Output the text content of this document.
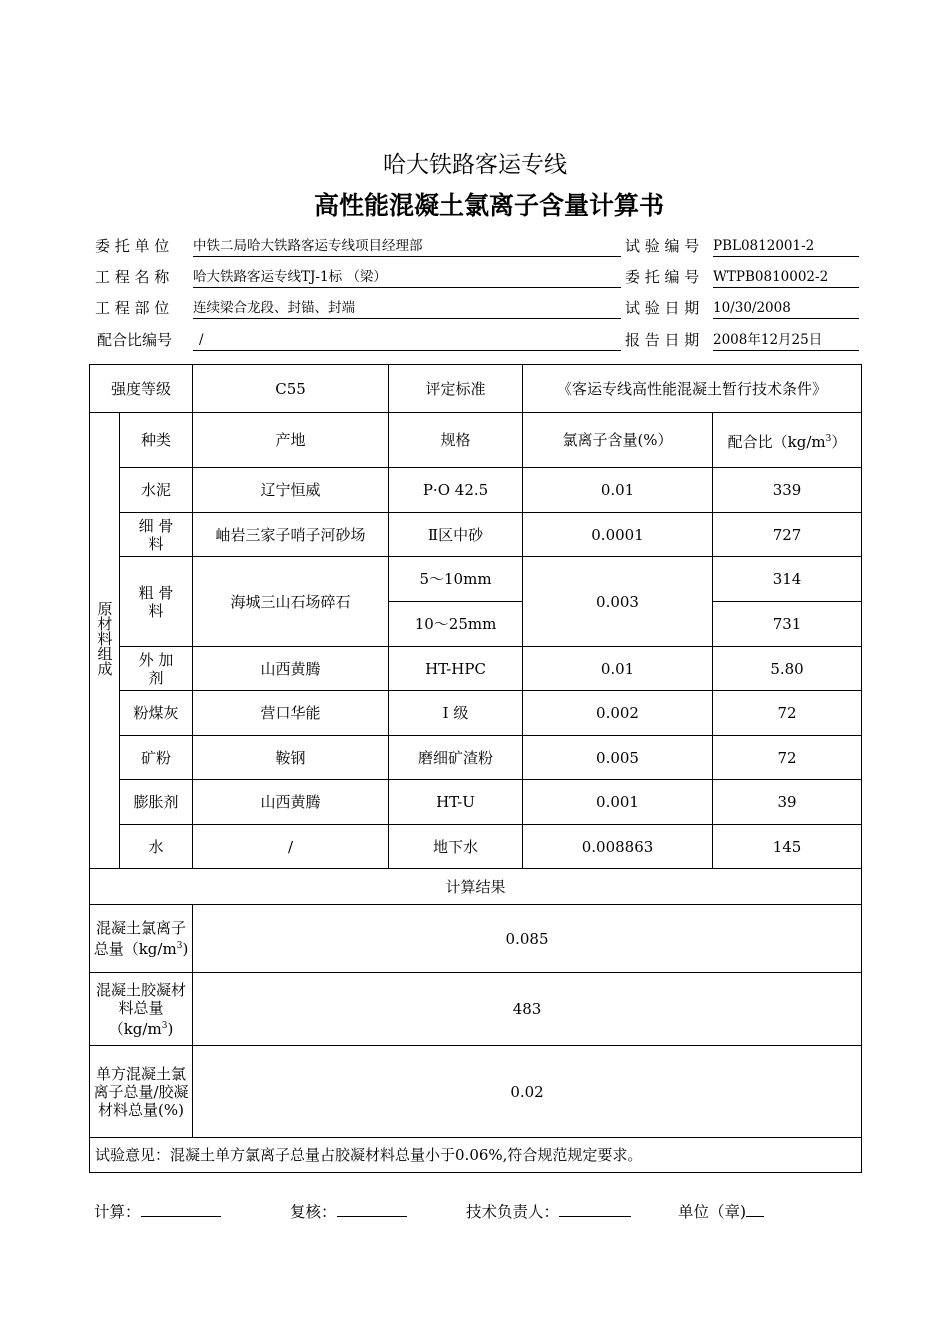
哈大铁路客运专线
高性能混凝土氯离子含量计算书
委 托 单 位 中铁二局哈大铁路客运专线项目经理部	试 验 编 号 PBL0812001-2
工 程 名 称 哈大铁路客运专线TJ-1标 （梁）	委 托 编 号 WTPB0810002-2
工 程 部 位 连续梁合龙段、封锚、封端	试 验 日 期 10/30/2008
配合比编号	/	报 告 日 期 2008年12月25日
强度等级		C55	评定标准	《客运专线高性能混凝土暂行技术条件》	
原材料组成	种类	产地	规格	氯离子含量(%）	配合比$(kg/m^3)$
	水泥	辽宁恒威	P·O 42.5	0.01	339
	细 骨 料	岫岩三家子哨子河砂场	Ⅱ区中砂	0.0001	727
	粗 骨 料	海城三山石场碎石	5～10mm	0.003	314
			10～25mm		731
	外 加 剂	山西黄腾	HT-HPC	0.01	5.80
	粉煤灰	营口华能	I 级	0.002	72
	矿粉	鞍钢	磨细矿渣粉	0.005	72
	膨胀剂	山西黄腾	HT-U	0.001	39
	水	/	地下水	0.008863	145
计算结果					
混凝土氯离子总量$(kg/m^3)$		0.085			
混凝土胶凝材料总量$(kg/m^3)$		483			
单方混凝土氯离子总量/胶凝材料总量(%)		0.02			
试验意见：混凝土单方氯离子总量占胶凝材料总量小于0.06%,符合规范规定要求。					
计算：	复核：	技术负责人：	单位（章)
